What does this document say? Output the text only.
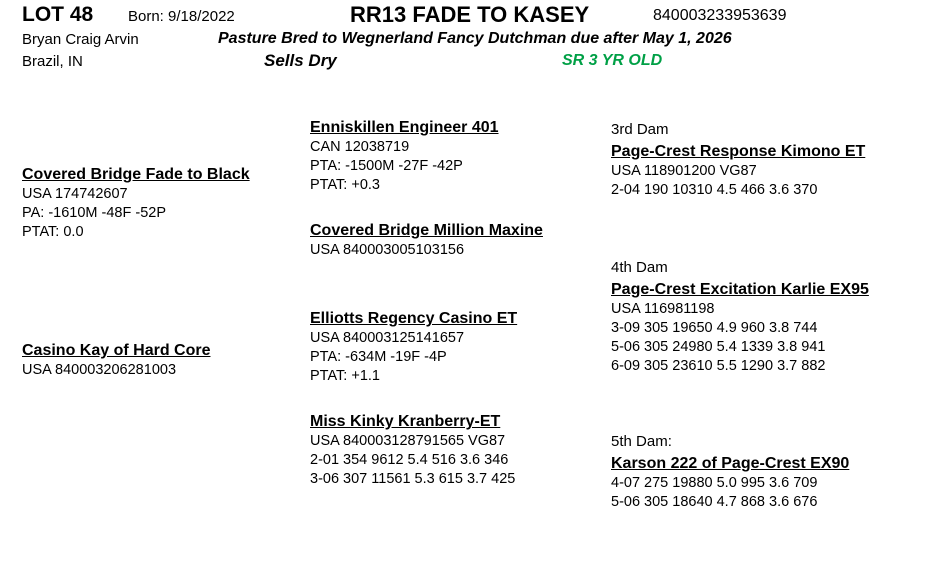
LOT 48 Born: 9/18/2022	RR13 FADE TO KASEY	840003233953639
Bryan Craig Arvin	Pasture Bred to Wegnerland Fancy Dutchman due after May 1, 2026
Brazil, IN	Sells Dry	SR 3 YR OLD
Covered Bridge Fade to Black
USA 174742607
PA: -1610M -48F -52P
PTAT: 0.0
Casino Kay of Hard Core
USA 840003206281003
Enniskillen Engineer 401
CAN 12038719
PTA: -1500M -27F -42P
PTAT: +0.3
Covered Bridge Million Maxine
USA 840003005103156
Elliotts Regency Casino ET
USA 840003125141657
PTA: -634M -19F -4P
PTAT: +1.1
Miss Kinky Kranberry-ET
USA 840003128791565 VG87
2-01 354 9612 5.4 516 3.6 346
3-06 307 11561 5.3 615 3.7 425
3rd Dam
Page-Crest Response Kimono ET
USA 118901200 VG87
2-04 190 10310 4.5 466 3.6 370
4th Dam
Page-Crest Excitation Karlie EX95
USA 116981198
3-09 305 19650 4.9 960 3.8 744
5-06 305 24980 5.4 1339 3.8 941
6-09 305 23610 5.5 1290 3.7 882
5th Dam:
Karson 222 of Page-Crest EX90
4-07 275 19880 5.0 995 3.6 709
5-06 305 18640 4.7 868 3.6 676
